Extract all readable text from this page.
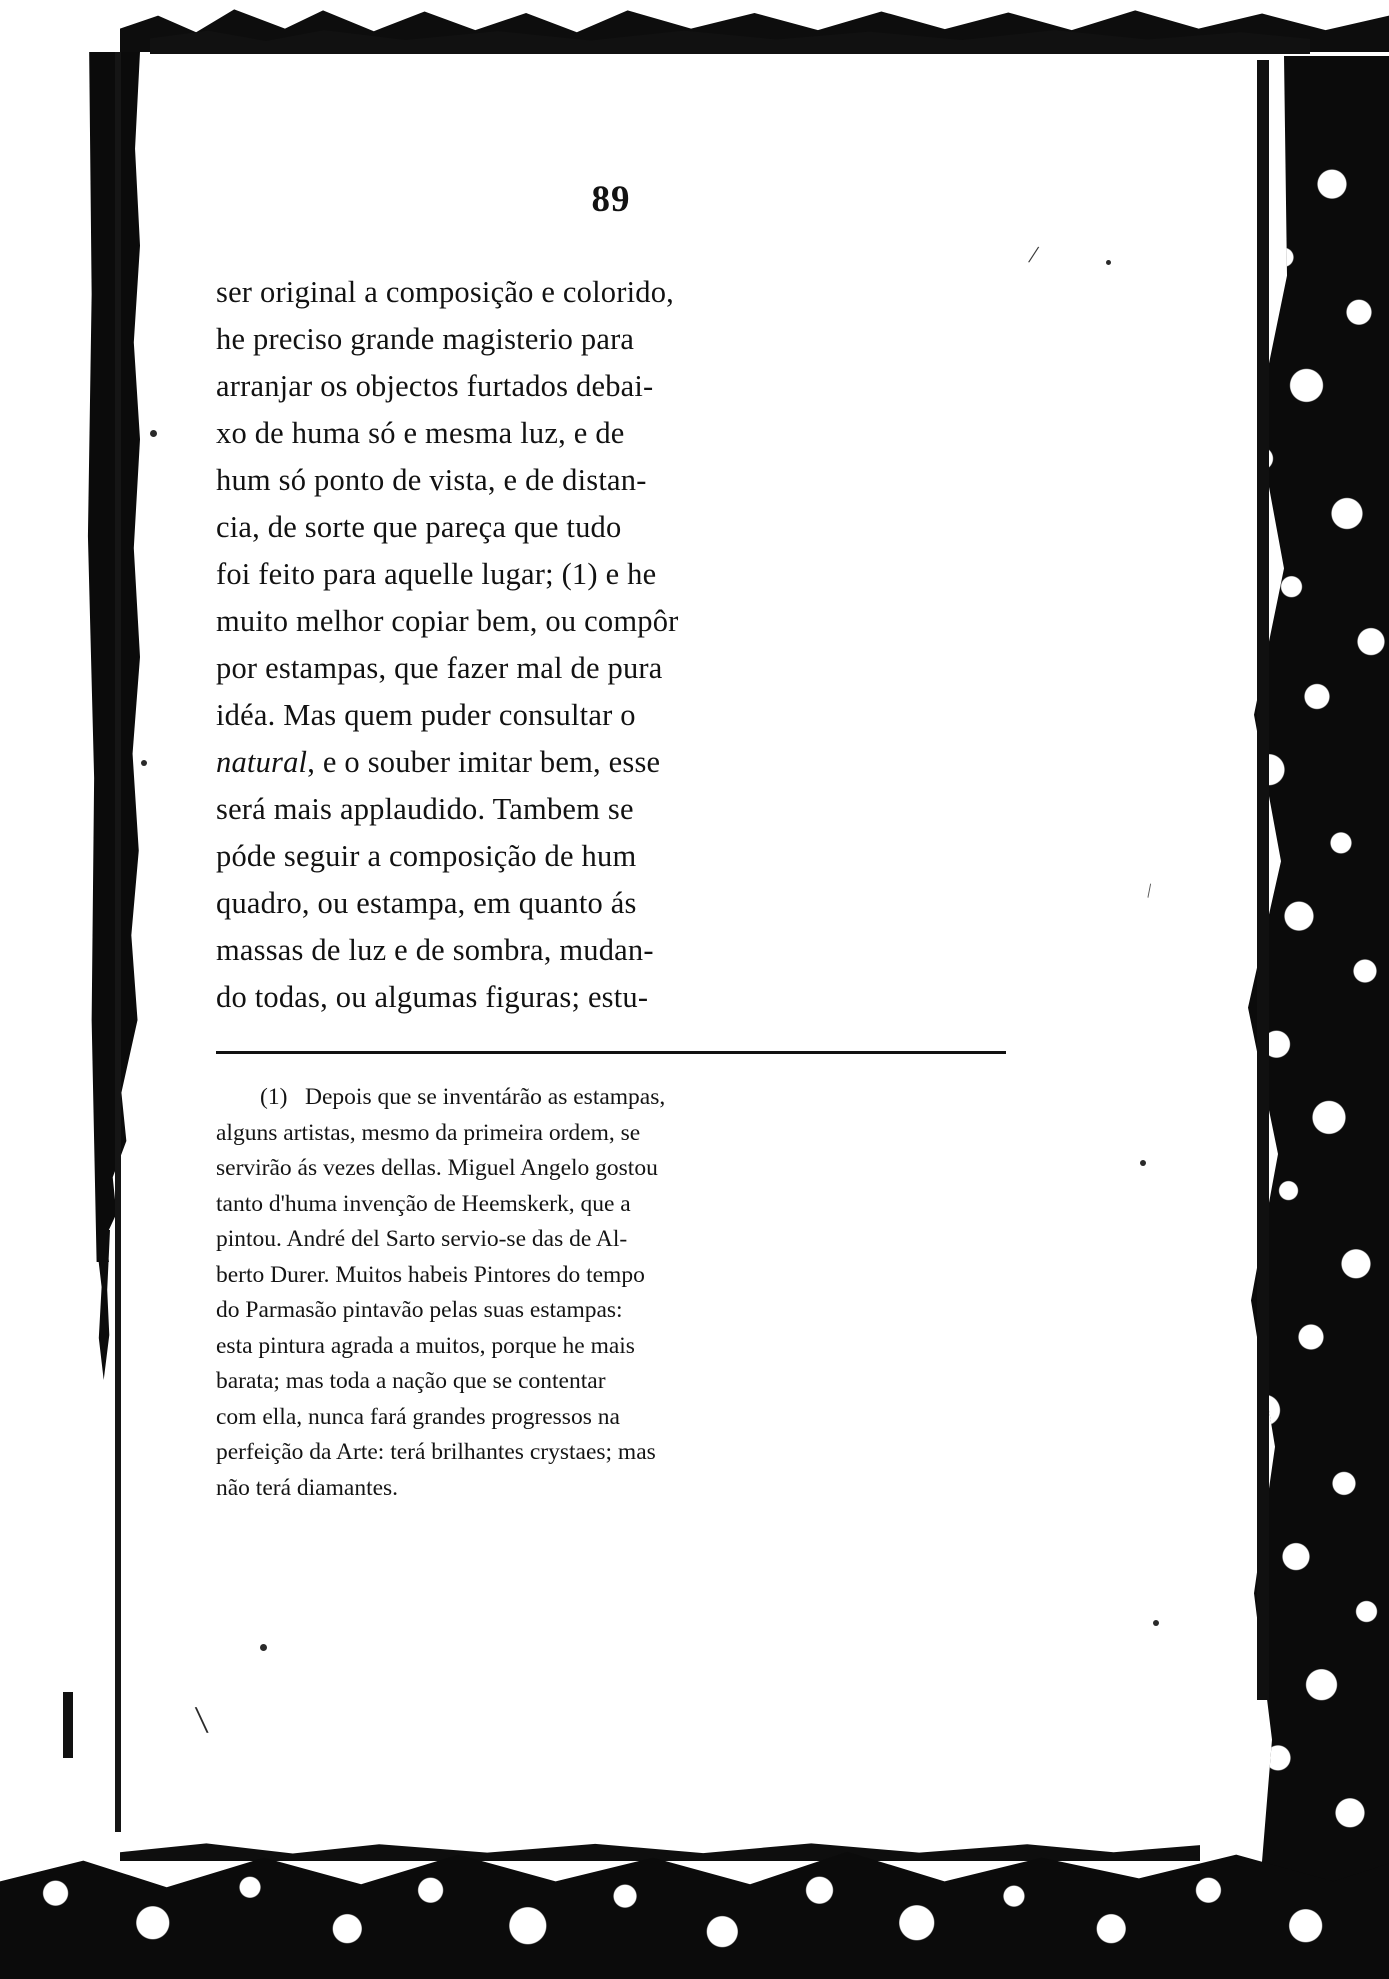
/
\
\
89
ser original a composição e colorido,
he preciso grande magisterio para
arranjar os objectos furtados debai-
xo de huma só e mesma luz, e de
hum só ponto de vista, e de distan-
cia, de sorte que pareça que tudo
foi feito para aquelle lugar; (1) e he
muito melhor copiar bem, ou compôr
por estampas, que fazer mal de pura
idéa. Mas quem puder consultar o
natural, e o souber imitar bem, esse
será mais applaudido. Tambem se
póde seguir a composição de hum
quadro, ou estampa, em quanto ás
massas de luz e de sombra, mudan-
do todas, ou algumas figuras; estu-
(1) Depois que se inventárão as estampas,
alguns artistas, mesmo da primeira ordem, se
servirão ás vezes dellas. Miguel Angelo gostou
tanto d'huma invenção de Heemskerk, que a
pintou. André del Sarto servio-se das de Al-
berto Durer. Muitos habeis Pintores do tempo
do Parmasão pintavão pelas suas estampas:
esta pintura agrada a muitos, porque he mais
barata; mas toda a nação que se contentar
com ella, nunca fará grandes progressos na
perfeição da Arte: terá brilhantes crystaes; mas
não terá diamantes.
